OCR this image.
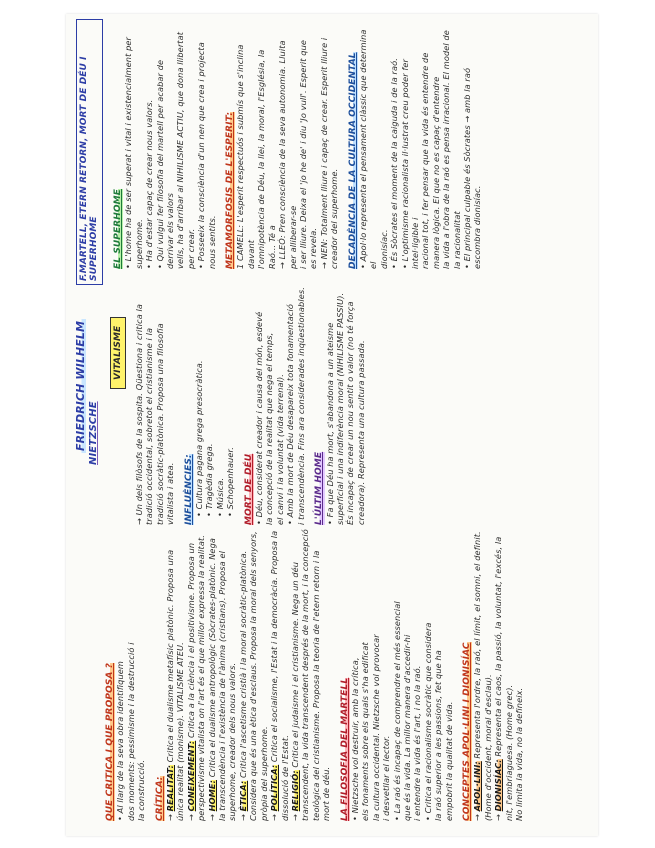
FRIEDRICH WILHELM NIETZSCHE
F.MARTELL, ETERN RETORN, MORT DE DÉU I SUPERHOME
VITALISME
QUE CRITICA I QUE PROPOSA ? • Al llarg de la seva obra identifiquem dos moments: pessimisme i la destrucció i la construcció. CRÍTICA: → REALITAT: Critica el dualisme metafísic platònic. Proposa una única realitat (monisme). VITALISME ATEU. → CONEIXEMENT: Critica a la ciència i el positivisme. Proposa un perspectivisme vitalista on l'art és el que millor expressa la realitat. → HOME: Critica el dualisme antropològic (Sòcrates-platònic. Nega la transcendència i l'existència de l'ànima (cristians). Proposa el superhome, creador dels nous valors. → ÈTICA: Critica l'ascetisme cristià i la moral socràtic-platònica. Considera que és una ètica d'esclaus. Proposa la moral dels senyors, pròpia del superhome. → POLÍTICA: Critica el socialisme, l'Estat i la democràcia. Proposa la dissolució de l'Estat. → RELIGIÓ: Critica el judaisme i el cristianisme. Nega un déu transcendent, la vida transcendent després de la mort, i la concepció teològica del cristianisme. Proposa la teoria de l'etern retorn i la mort de déu. LA FILOSOFIA DEL MARTELL • Nietzsche vol destruir, amb la crítica, els fonaments sobre els quals s'ha edificat la cultura occidental. Nietzsche vol provocar i desvetllar el lector. • La raó és incapaç de comprendre el més essencial que és la vida. La millor manera d'accedir-hi i entendre la vida és l'art, i no la raó. • Critica el racionalisme socràtic que considera la raó superior a les passions, fet que ha empobrit la qualitat de vida. CONCEPTES APOL·LINI I DIONISÍAC → APOL·LINI: Representa l'ordre, la raó, el límit, el somni, el definit. (Home d'occident, moral d'esclau). → DIONISÍAC: Representa el caos, la passió, la voluntat, l'excés, la nit, l'embriaguesa. (Home grec). No limita la vida, no la defineix.
→ Un dels filòsofs de la sospita. Qüestiona i critica la tradició occidental, sobretot el cristianisme i la tradició socràtic-platònica. Proposa una filosofia vitalista i atea. INFLUÈNCIES: • Cultura pagana grega presocràtica. • Tragèdia grega. • Música. • Schopenhauer. MORT DE DÉU • Déu, considerat creador i causa del món, esdevé la concepció de la realitat que nega el temps, el canvi i la voluntat (vida terrenal). • Amb la mort de Déu desapareix tota fonamentació i transcendència. Fins ara considerades inqüestionables. L'ÚLTIM HOME • Fa que Déu ha mort, s'abandona a un ateisme superficial i una indiferència moral (NIHILISME PASSIU). És incapaç de crear un nou sentit o valor (no té força creadora). Representa una cultura passada.
EL SUPERHOME • L'home ha de ser superat i vital i existencialment per superhome. • Ha d'estar capaç de crear nous valors. • Qui vulgui fer filosofia del martell per acabar de derrivar els valors vells, ha d'arribar al NIHILISME ACTIU, que dona llibertat per crear. • Posseeix la consciència d'un nen que crea i projecta nous sentits. METAMORFOSIS DE L'ESPERIT: 1 CAMELL: L'esperit respectuós i submís que s'inclina davant l'omnipotència de Déu, la llei, la moral, l'Església, la Raó... Té a → LLEÓ: Pren consciència de la seva autonomia. Lluita per alliberar-se i ser lliure. Deixa el 'jo he de' i diu 'Jo vull'. Esperit que es revela. → NEN: Totalment lliure i capaç de crear. Esperit lliure i creador del superhome. DECADÈNCIA DE LA CULTURA OCCIDENTAL • Apol·lo representa el pensament clàssic que determina el dionisíac. • És Sòcrates el moment de la caiguda i de la raó. • L'optimisme racionalista il·lustrat creu poder fer intel·ligible i racional tot, i fer pensar que la vida és entendre de manera lògica. El que no es capaç d'entendre la vida a l'obra de la raó es pensa irracional. El model de la racionalitat • El principal culpable és Sòcrates → amb la raó escombra dionisíac.
